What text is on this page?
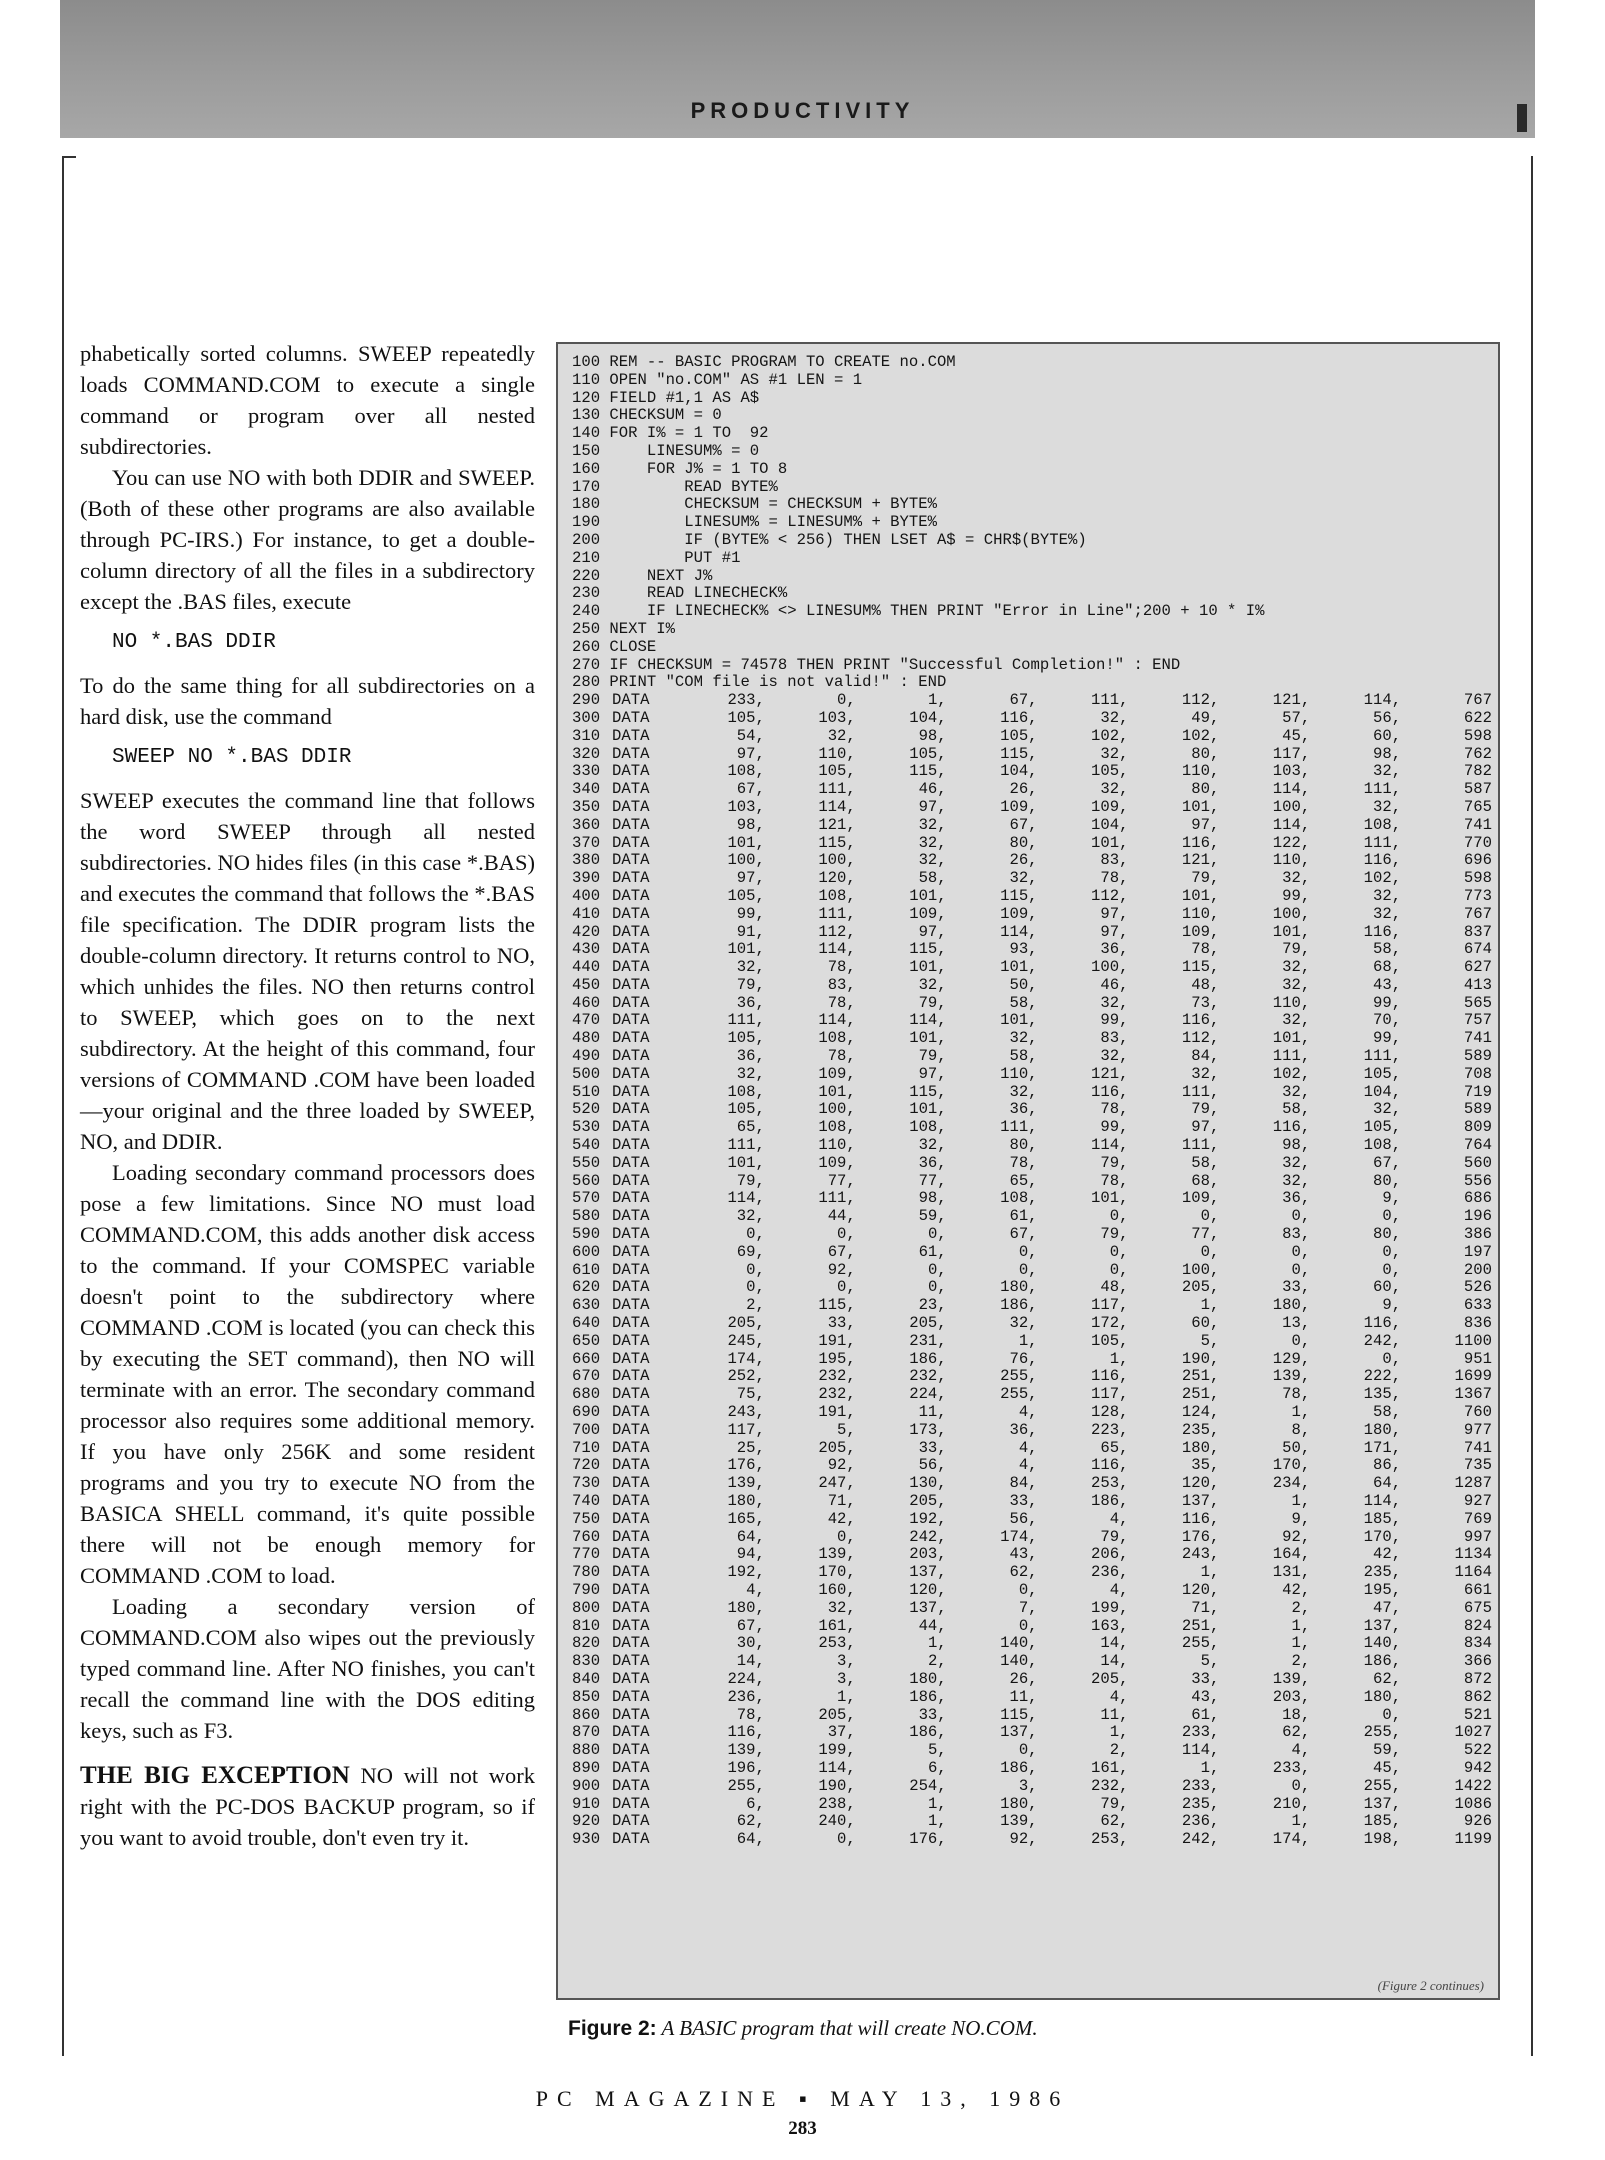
PRODUCTIVITY

phabetically sorted columns. SWEEP repeatedly loads COMMAND.COM to execute a single command or program over all nested subdirectories.

You can use NO with both DDIR and SWEEP. (Both of these other programs are also available through PC-IRS.) For instance, to get a double-column directory of all the files in a subdirectory except the .BAS files, execute

NO *.BAS DDIR

To do the same thing for all subdirectories on a hard disk, use the command

SWEEP NO *.BAS DDIR

SWEEP executes the command line that follows the word SWEEP through all nested subdirectories. NO hides files (in this case *.BAS) and executes the command that follows the *.BAS file specification. The DDIR program lists the double-column directory. It returns control to NO, which unhides the files. NO then returns control to SWEEP, which goes on to the next subdirectory. At the height of this command, four versions of COMMAND .COM have been loaded—your original and the three loaded by SWEEP, NO, and DDIR.

Loading secondary command processors does pose a few limitations. Since NO must load COMMAND.COM, this adds another disk access to the command. If your COMSPEC variable doesn't point to the subdirectory where COMMAND .COM is located (you can check this by executing the SET command), then NO will terminate with an error. The secondary command processor also requires some additional memory. If you have only 256K and some resident programs and you try to execute NO from the BASICA SHELL command, it's quite possible there will not be enough memory for COMMAND .COM to load.

Loading a secondary version of COMMAND.COM also wipes out the previously typed command line. After NO finishes, you can't recall the command line with the DOS editing keys, such as F3.

THE BIG EXCEPTION NO will not work right with the PC-DOS BACKUP program, so if you want to avoid trouble, don't even try it.

100 REM -- BASIC PROGRAM TO CREATE no.COM
110 OPEN "no.COM" AS #1 LEN = 1
120 FIELD #1,1 AS A$
130 CHECKSUM = 0
140 FOR I% = 1 TO  92
150     LINESUM% = 0
160     FOR J% = 1 TO 8
170         READ BYTE%
180         CHECKSUM = CHECKSUM + BYTE%
190         LINESUM% = LINESUM% + BYTE%
200         IF (BYTE% < 256) THEN LSET A$ = CHR$(BYTE%)
210         PUT #1
220     NEXT J%
230     READ LINECHECK%
240     IF LINECHECK% <> LINESUM% THEN PRINT "Error in Line";200 + 10 * I%
250 NEXT I%
260 CLOSE
270 IF CHECKSUM = 74578 THEN PRINT "Successful Completion!" : END
280 PRINT "COM file is not valid!" : END
290 DATA	233,	0,	1,	67,	111,	112,	121,	114,	767
300 DATA	105,	103,	104,	116,	32,	49,	57,	56,	622
310 DATA	54,	32,	98,	105,	102,	102,	45,	60,	598
320 DATA	97,	110,	105,	115,	32,	80,	117,	98,	762
330 DATA	108,	105,	115,	104,	105,	110,	103,	32,	782
340 DATA	67,	111,	46,	26,	32,	80,	114,	111,	587
350 DATA	103,	114,	97,	109,	109,	101,	100,	32,	765
360 DATA	98,	121,	32,	67,	104,	97,	114,	108,	741
370 DATA	101,	115,	32,	80,	101,	116,	122,	111,	770
380 DATA	100,	100,	32,	26,	83,	121,	110,	116,	696
390 DATA	97,	120,	58,	32,	78,	79,	32,	102,	598
400 DATA	105,	108,	101,	115,	112,	101,	99,	32,	773
410 DATA	99,	111,	109,	109,	97,	110,	100,	32,	767
420 DATA	91,	112,	97,	114,	97,	109,	101,	116,	837
430 DATA	101,	114,	115,	93,	36,	78,	79,	58,	674
440 DATA	32,	78,	101,	101,	100,	115,	32,	68,	627
450 DATA	79,	83,	32,	50,	46,	48,	32,	43,	413
460 DATA	36,	78,	79,	58,	32,	73,	110,	99,	565
470 DATA	111,	114,	114,	101,	99,	116,	32,	70,	757
480 DATA	105,	108,	101,	32,	83,	112,	101,	99,	741
490 DATA	36,	78,	79,	58,	32,	84,	111,	111,	589
500 DATA	32,	109,	97,	110,	121,	32,	102,	105,	708
510 DATA	108,	101,	115,	32,	116,	111,	32,	104,	719
520 DATA	105,	100,	101,	36,	78,	79,	58,	32,	589
530 DATA	65,	108,	108,	111,	99,	97,	116,	105,	809
540 DATA	111,	110,	32,	80,	114,	111,	98,	108,	764
550 DATA	101,	109,	36,	78,	79,	58,	32,	67,	560
560 DATA	79,	77,	77,	65,	78,	68,	32,	80,	556
570 DATA	114,	111,	98,	108,	101,	109,	36,	9,	686
580 DATA	32,	44,	59,	61,	0,	0,	0,	0,	196
590 DATA	0,	0,	0,	67,	79,	77,	83,	80,	386
600 DATA	69,	67,	61,	0,	0,	0,	0,	0,	197
610 DATA	0,	92,	0,	0,	0,	100,	0,	0,	200
620 DATA	0,	0,	0,	180,	48,	205,	33,	60,	526
630 DATA	2,	115,	23,	186,	117,	1,	180,	9,	633
640 DATA	205,	33,	205,	32,	172,	60,	13,	116,	836
650 DATA	245,	191,	231,	1,	105,	5,	0,	242,	1100
660 DATA	174,	195,	186,	76,	1,	190,	129,	0,	951
670 DATA	252,	232,	232,	255,	116,	251,	139,	222,	1699
680 DATA	75,	232,	224,	255,	117,	251,	78,	135,	1367
690 DATA	243,	191,	11,	4,	128,	124,	1,	58,	760
700 DATA	117,	5,	173,	36,	223,	235,	8,	180,	977
710 DATA	25,	205,	33,	4,	65,	180,	50,	171,	741
720 DATA	176,	92,	56,	4,	116,	35,	170,	86,	735
730 DATA	139,	247,	130,	84,	253,	120,	234,	64,	1287
740 DATA	180,	71,	205,	33,	186,	137,	1,	114,	927
750 DATA	165,	42,	192,	56,	4,	116,	9,	185,	769
760 DATA	64,	0,	242,	174,	79,	176,	92,	170,	997
770 DATA	94,	139,	203,	43,	206,	243,	164,	42,	1134
780 DATA	192,	170,	137,	62,	236,	1,	131,	235,	1164
790 DATA	4,	160,	120,	0,	4,	120,	42,	195,	661
800 DATA	180,	32,	137,	7,	199,	71,	2,	47,	675
810 DATA	67,	161,	44,	0,	163,	251,	1,	137,	824
820 DATA	30,	253,	1,	140,	14,	255,	1,	140,	834
830 DATA	14,	3,	2,	140,	14,	5,	2,	186,	366
840 DATA	224,	3,	180,	26,	205,	33,	139,	62,	872
850 DATA	236,	1,	186,	11,	4,	43,	203,	180,	862
860 DATA	78,	205,	33,	115,	11,	61,	18,	0,	521
870 DATA	116,	37,	186,	137,	1,	233,	62,	255,	1027
880 DATA	139,	199,	5,	0,	2,	114,	4,	59,	522
890 DATA	196,	114,	6,	186,	161,	1,	233,	45,	942
900 DATA	255,	190,	254,	3,	232,	233,	0,	255,	1422
910 DATA	6,	238,	1,	180,	79,	235,	210,	137,	1086
920 DATA	62,	240,	1,	139,	62,	236,	1,	185,	926
930 DATA	64,	0,	176,	92,	253,	242,	174,	198,	1199
(Figure 2 continues)
Figure 2: A BASIC program that will create NO.COM.
PC MAGAZINE ▪ MAY 13, 1986
283
